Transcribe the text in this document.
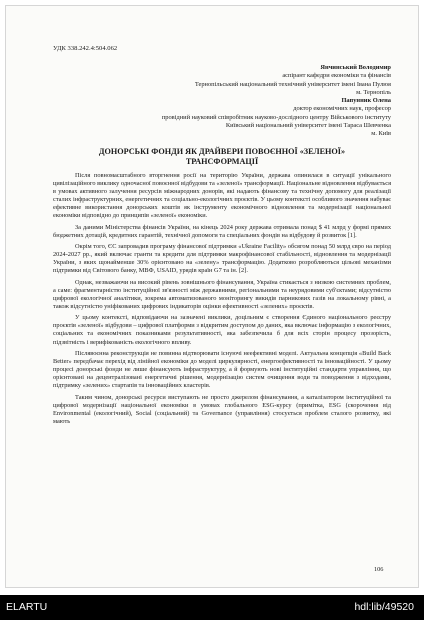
УДК 338.242.4:504.062
Янчинський Володимир
аспірант кафедри економіки та фінансів
Тернопільський національний технічний університет імені Івана Пулюя
м. Тернопіль
Папунник Олена
доктор економічних наук, професор
провідний науковий співробітник науково-дослідного центру Військового інституту
Київський національний університет імені Тараса Шевченка
м. Київ
ДОНОРСЬКІ ФОНДИ ЯК ДРАЙВЕРИ ПОВОЄННОЇ «ЗЕЛЕНОЇ»
ТРАНСФОРМАЦІЇ

Після повномасштабного вторгнення росії на територію України, держава опинилася в ситуації унікального цивілізаційного виклику одночасної повоєнної відбудови та «зеленої» трансформації. Національне відновлення відбувається в умовах активного залучення ресурсів міжнародних донорів, які надають фінансову та технічну допомогу для реалізації сталих інфраструктурних, енергетичних та соціально-екологічних проєктів. У цьому контексті особливого значення набуває ефективне використання донорських коштів як інструменту економічного відновлення та модернізації національної економіки відповідно до принципів «зеленої» економіки.

За даними Міністерства фінансів України, на кінець 2024 року держава отримала понад $ 41 млрд у формі прямих бюджетних дотацій, кредитних гарантій, технічної допомоги та спеціальних фондів на відбудову й розвиток [1].

Окрім того, ЄС запровадив програму фінансової підтримки «Ukraine Facility» обсягом понад 50 млрд євро на період 2024-2027 рр., який включає гранти та кредити для підтримки макрофінансової стабільності, відновлення та модернізації України, з яких щонайменше 30% орієнтовано на «зелену» трансформацію. Додатково розробляються цільові механізми підтримки від Світового банку, МВФ, USAID, урядів країн G7 та ін. [2].

Однак, незважаючи на високий рівень зовнішнього фінансування, Україна стикається з низкою системних проблем, а саме: фрагментарністю інституційної зв'язності між державними, регіональними та неурядовими суб'єктами; відсутністю цифрової екологічної аналітики, зокрема автоматизованого моніторингу викидів парникових газів на локальному рівні, а також відсутністю уніфікованих цифрових індикаторів оцінки ефективності «зелених» проєктів.

У цьому контексті, відповідаючи на зазначені виклики, доцільним є створення Єдиного національного реєстру проєктів «зеленої» відбудови – цифрової платформи з відкритим доступом до даних, яка включає інформацію з екологічних, соціальних та економічних показниками результативності, яка забезпечила б для всіх сторін процесу прозорість, підзвітність і верифікованість екологічного впливу.

Післявоєнна реконструкція не повинна відтворювати існуючі неефективні моделі. Актуальна концепція «Build Back Better» передбачає перехід від лінійної економіки до моделі циркулярності, енергоефективності та інноваційності. У цьому процесі донорські фонди не лише фінансують інфраструктуру, а й формують нові інституційні стандарти управління, що орієнтовані на децентралізовані енергетичні рішення, модернізацію систем очищення води та поводження з відходами, підтримку «зелених» стартапів та інноваційних кластерів.

Таким чином, донорські ресурси виступають не просто джерелом фінансування, а каталізатором інституційної та цифрової модернізації національної економіки в умовах глобального ESG-курсу (примітка, ESG (скорочення від Environmental (екологічний), Social (соціальний) та Governance (управління) стосується проблем сталого розвитку, які мають

106
ELARTU	hdl:lib/49520
